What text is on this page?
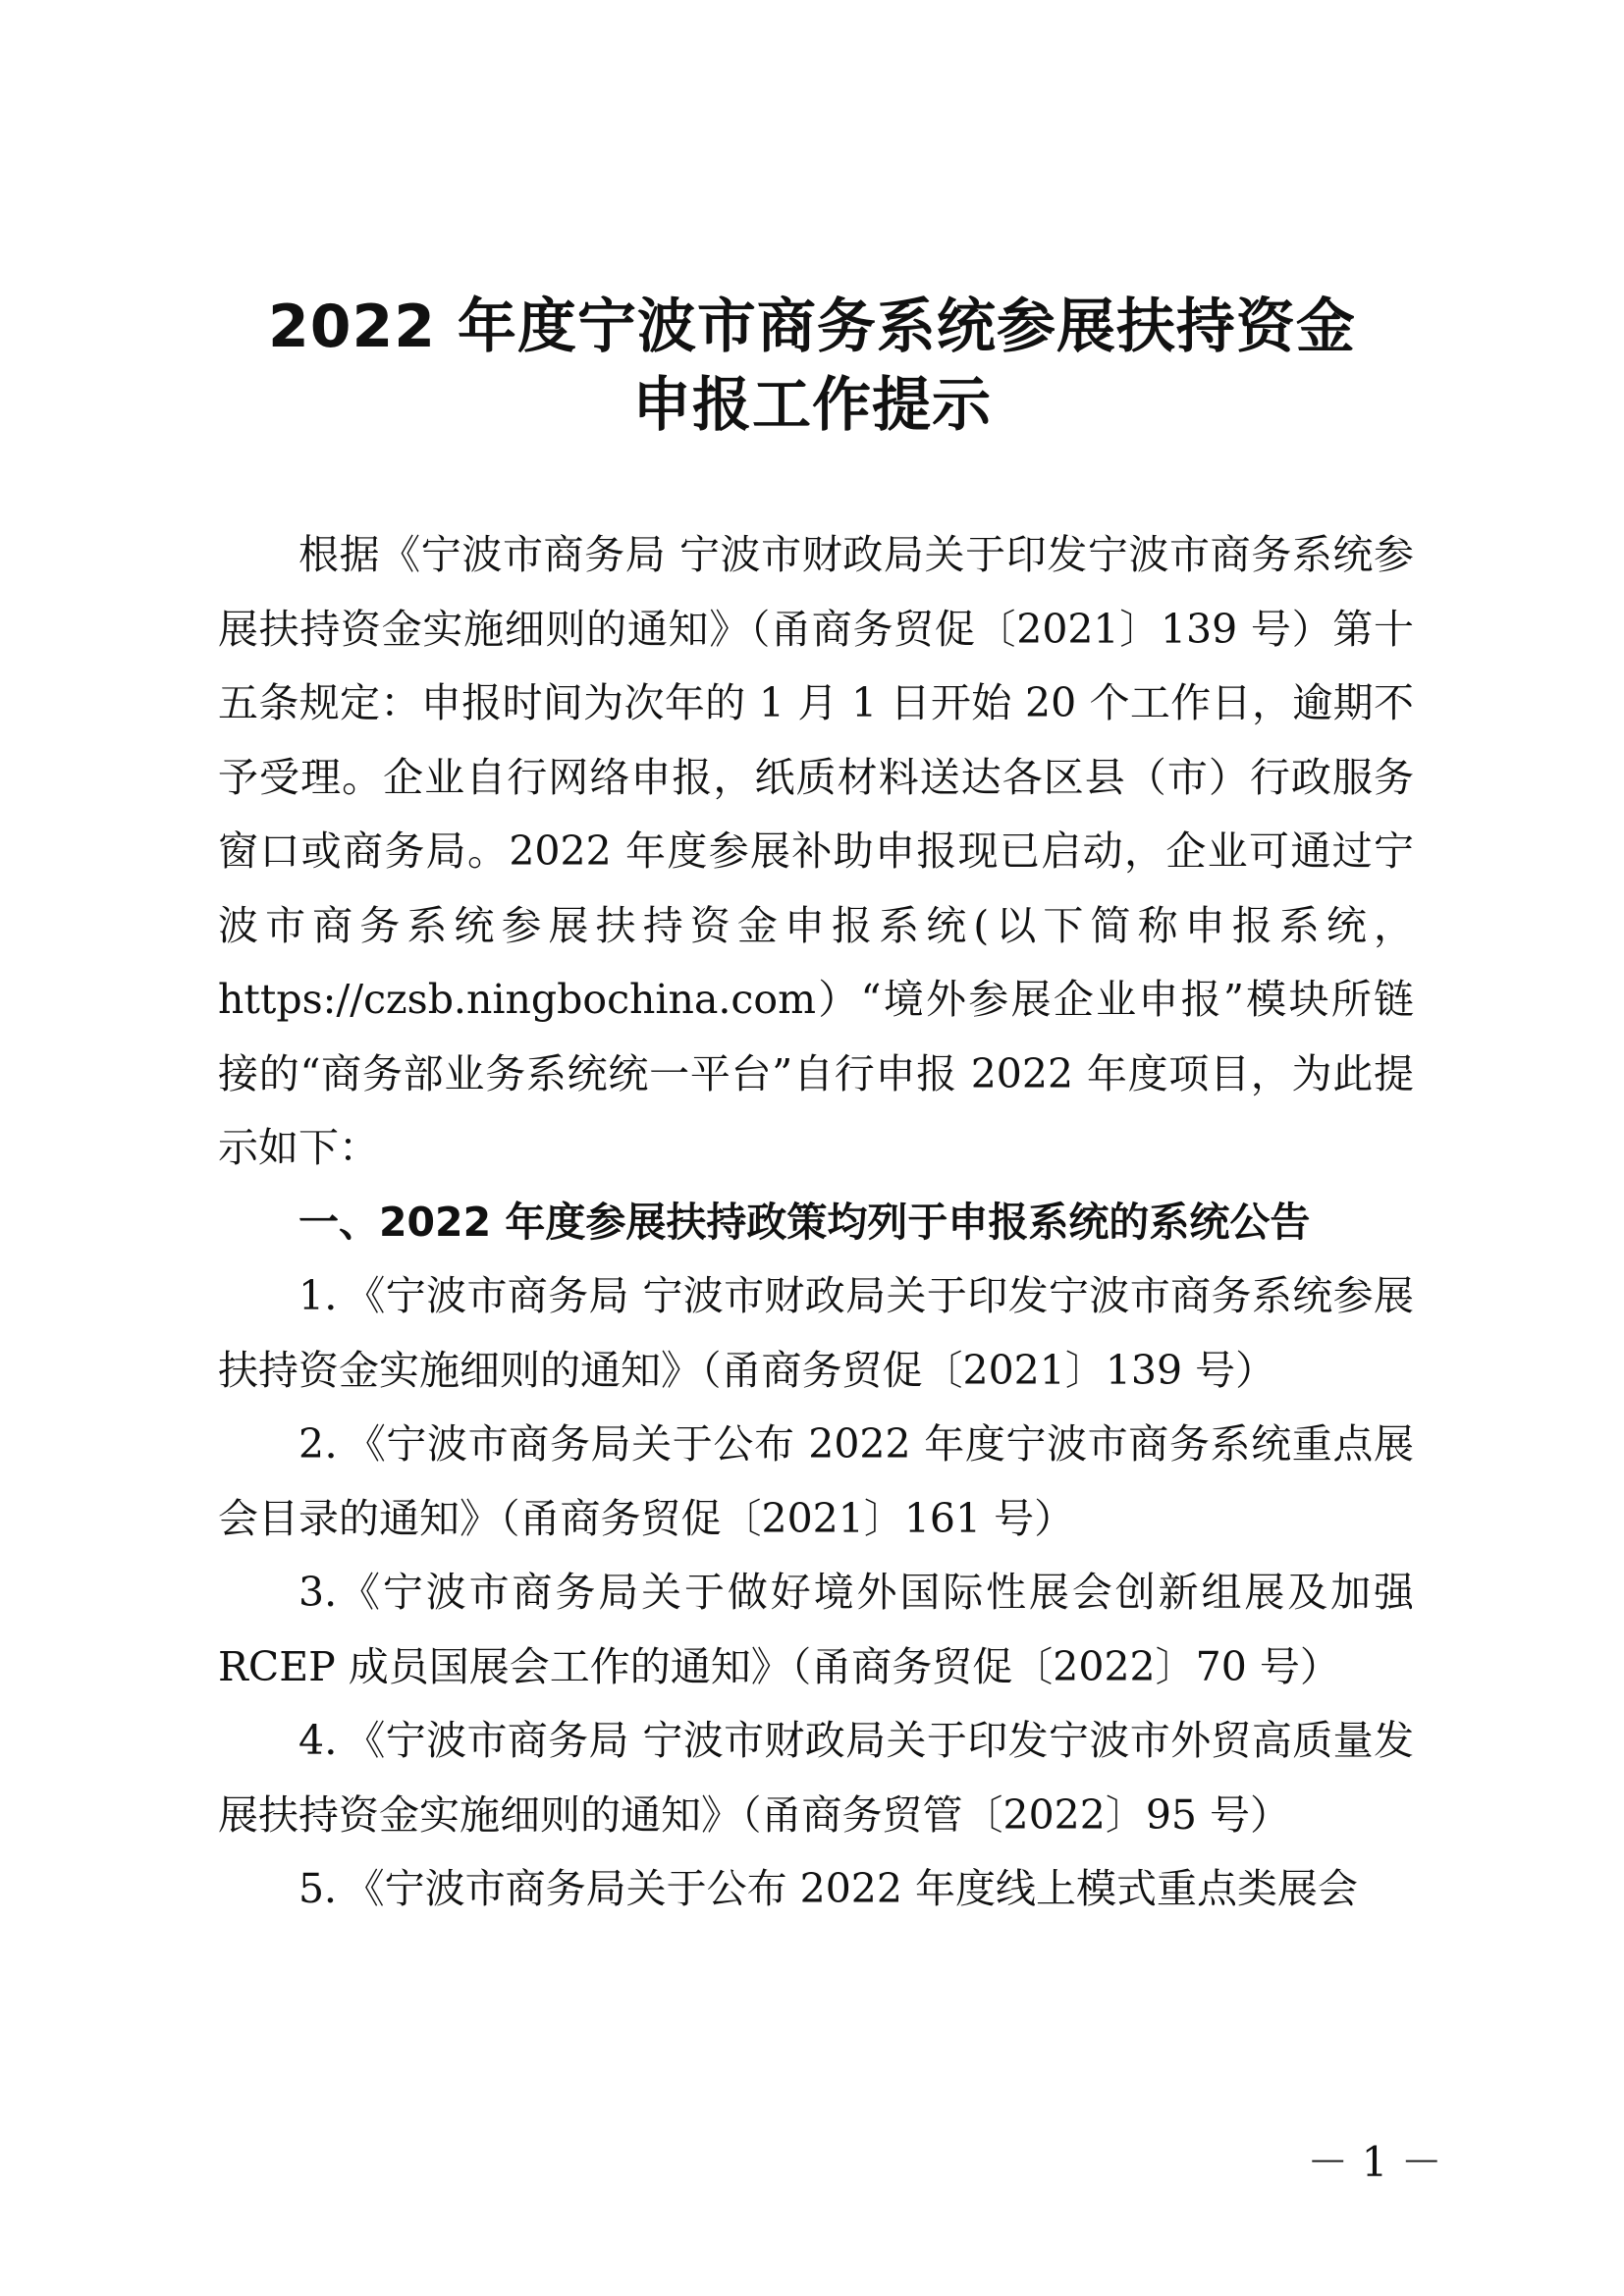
2022 年度宁波市商务系统参展扶持资金
申报工作提示

根据《宁波市商务局 宁波市财政局关于印发宁波市商务系统参展扶持资金实施细则的通知》（甬商务贸促〔2021〕139 号）第十五条规定：申报时间为次年的 1 月 1 日开始 20 个工作日，逾期不予受理。企业自行网络申报，纸质材料送达各区县（市）行政服务窗口或商务局。2022 年度参展补助申报现已启动，企业可通过宁波市商务系统参展扶持资金申报系统(以下简称申报系统，https://czsb.ningbochina.com）“境外参展企业申报”模块所链接的“商务部业务系统统一平台”自行申报 2022 年度项目，为此提示如下：

一、2022 年度参展扶持政策均列于申报系统的系统公告

1．《宁波市商务局 宁波市财政局关于印发宁波市商务系统参展扶持资金实施细则的通知》（甬商务贸促〔2021〕139 号）

2．《宁波市商务局关于公布 2022 年度宁波市商务系统重点展会目录的通知》（甬商务贸促〔2021〕161 号）

3.《宁波市商务局关于做好境外国际性展会创新组展及加强 RCEP 成员国展会工作的通知》（甬商务贸促〔2022〕70 号）

4．《宁波市商务局 宁波市财政局关于印发宁波市外贸高质量发展扶持资金实施细则的通知》（甬商务贸管〔2022〕95 号）

5．《宁波市商务局关于公布 2022 年度线上模式重点类展会

－ 1 －
